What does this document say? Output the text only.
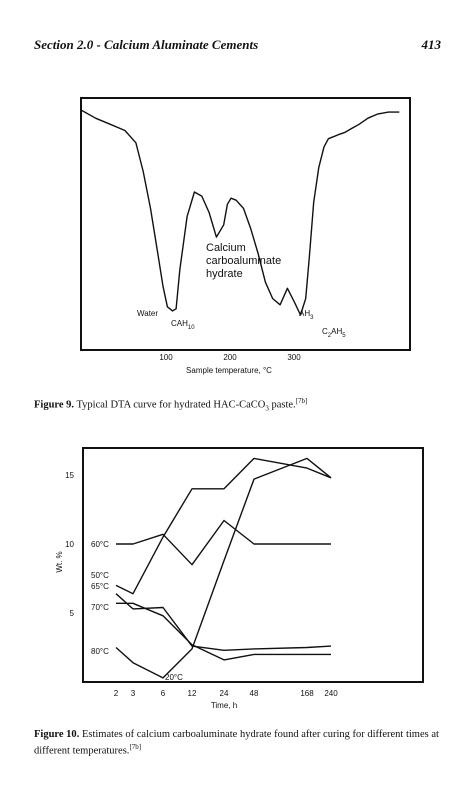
Section 2.0 - Calcium Aluminate Cements	413
Calcium
carboaluminate
hydrate
Water
$CAH_{10}$
$AH_3$
$C_2AH_5$
100	200	300
Sample temperature, °C
Figure 9. Typical DTA curve for hydrated HAC-CaCO$_3$ paste.[7b]
15
10
5
Wt. %
60°C
50°C
65°C
70°C
80°C
20°C
2 3	6	12	24	48	168 240
Time, h
Figure 10. Estimates of calcium carboaluminate hydrate found after curing for different times at different temperatures.[7b]
